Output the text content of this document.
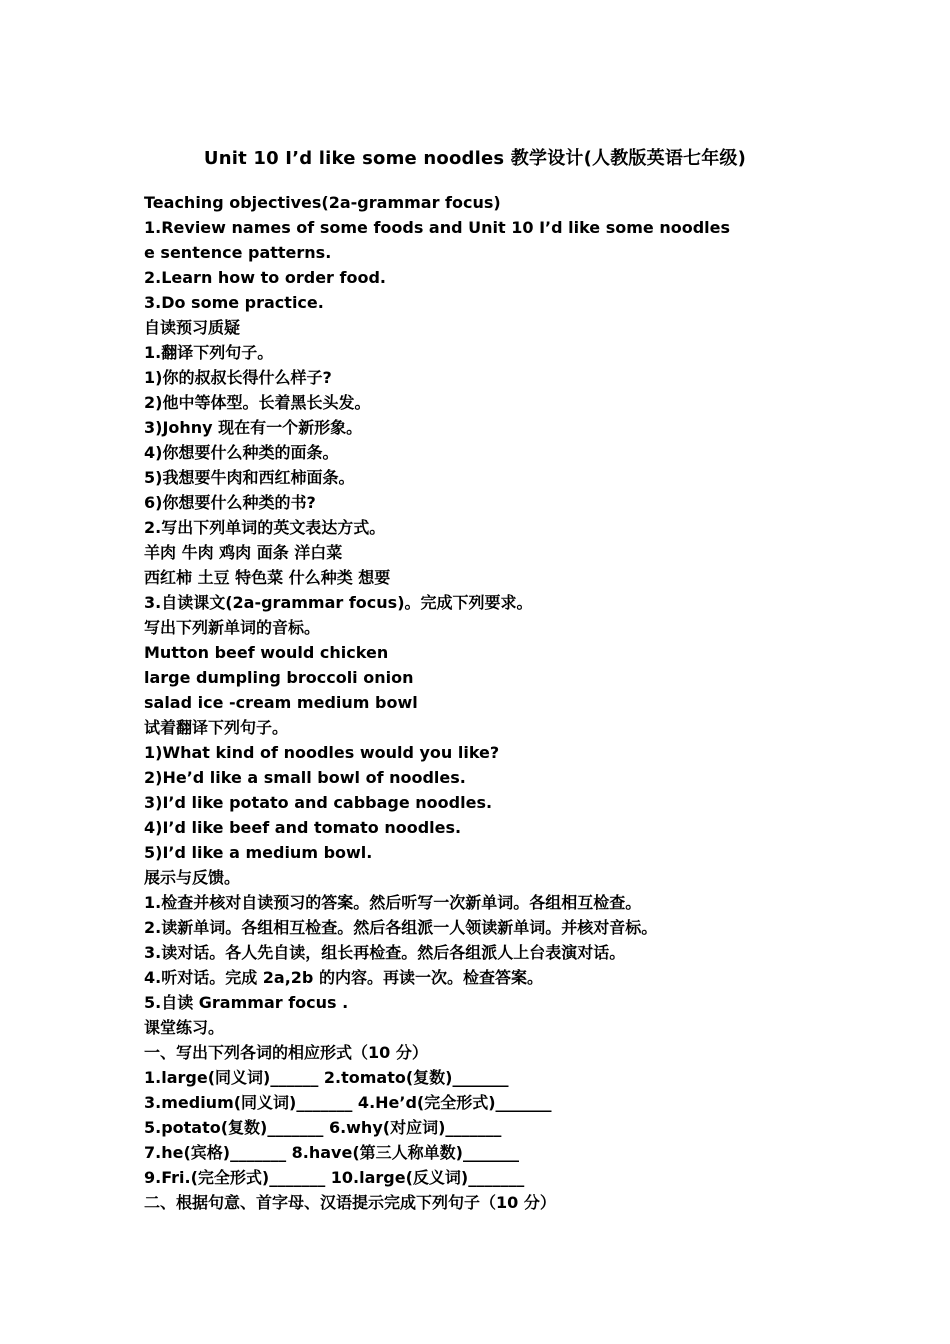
Unit 10 I’d like some noodles 教学设计(人教版英语七年级)
Teaching objectives(2a-grammar focus)
1.Review names of some foods and Unit 10 I’d like some noodles
e sentence patterns.
2.Learn how to order food.
3.Do some practice.
自读预习质疑
1.翻译下列句子。
1)你的叔叔长得什么样子?
2)他中等体型。长着黑长头发。
3)Johny 现在有一个新形象。
4)你想要什么种类的面条。
5)我想要牛肉和西红柿面条。
6)你想要什么种类的书?
2.写出下列单词的英文表达方式。
羊肉 牛肉 鸡肉 面条 洋白菜
西红柿 土豆 特色菜 什么种类 想要
3.自读课文(2a-grammar focus)。完成下列要求。
写出下列新单词的音标。
Mutton beef would chicken
large dumpling broccoli onion
salad ice -cream medium bowl
试着翻译下列句子。
1)What kind of noodles would you like?
2)He’d like a small bowl of noodles.
3)I’d like potato and cabbage noodles.
4)I’d like beef and tomato noodles.
5)I’d like a medium bowl.
展示与反馈。
1.检查并核对自读预习的答案。然后听写一次新单词。各组相互检查。
2.读新单词。各组相互检查。然后各组派一人领读新单词。并核对音标。
3.读对话。各人先自读，组长再检查。然后各组派人上台表演对话。
4.听对话。完成 2a,2b 的内容。再读一次。检查答案。
5.自读 Grammar focus .
课堂练习。
一、写出下列各词的相应形式（10 分）
1.large(同义词)______ 2.tomato(复数)_______
3.medium(同义词)_______ 4.He’d(完全形式)_______
5.potato(复数)_______ 6.why(对应词)_______
7.he(宾格)_______ 8.have(第三人称单数)_______
9.Fri.(完全形式)_______ 10.large(反义词)_______
二、根据句意、首字母、汉语提示完成下列句子（10 分）
